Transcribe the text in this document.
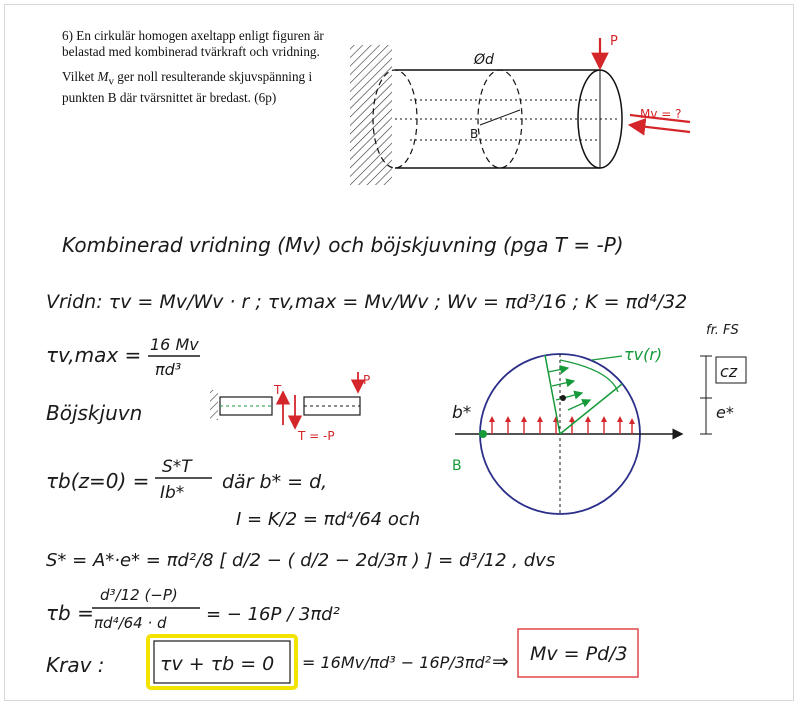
6) En cirkulär homogen axeltapp enligt figuren är belastad med kombinerad tvärkraft och vridning.

Vilket $M_v$ ger noll resulterande skjuvspänning i punkten B där tvärsnittet är bredast. (6p)

Ød
B
P
Mv = ?
Kombinerad vridning (Mv) och böjskjuvning (pga T = -P)
Vridn: τv = Mv/Wv · r ; τv,max = Mv/Wv ; Wv = πd³/16 ; K = πd⁴/32
τv,max = 16 Mv
πd³
Böjskjuvn
T
P
T = -P
τb(z=0) =
S*T
Ib* där b* = d,
I = K/2 = πd⁴/64 och
S* = A*·e* = πd²/8 [ d/2 − ( d/2 − 2d/3π ) ] = d³/12 , dvs
τb =
d³/12 (−P)
πd⁴/64 · d = − 16P / 3πd²
Krav :	τv + τb = 0 = 16Mv/πd³ − 16P/3πd² ⇒ Mv = Pd/3
τv(r)
b*
B
fr. FS
cz
e*
